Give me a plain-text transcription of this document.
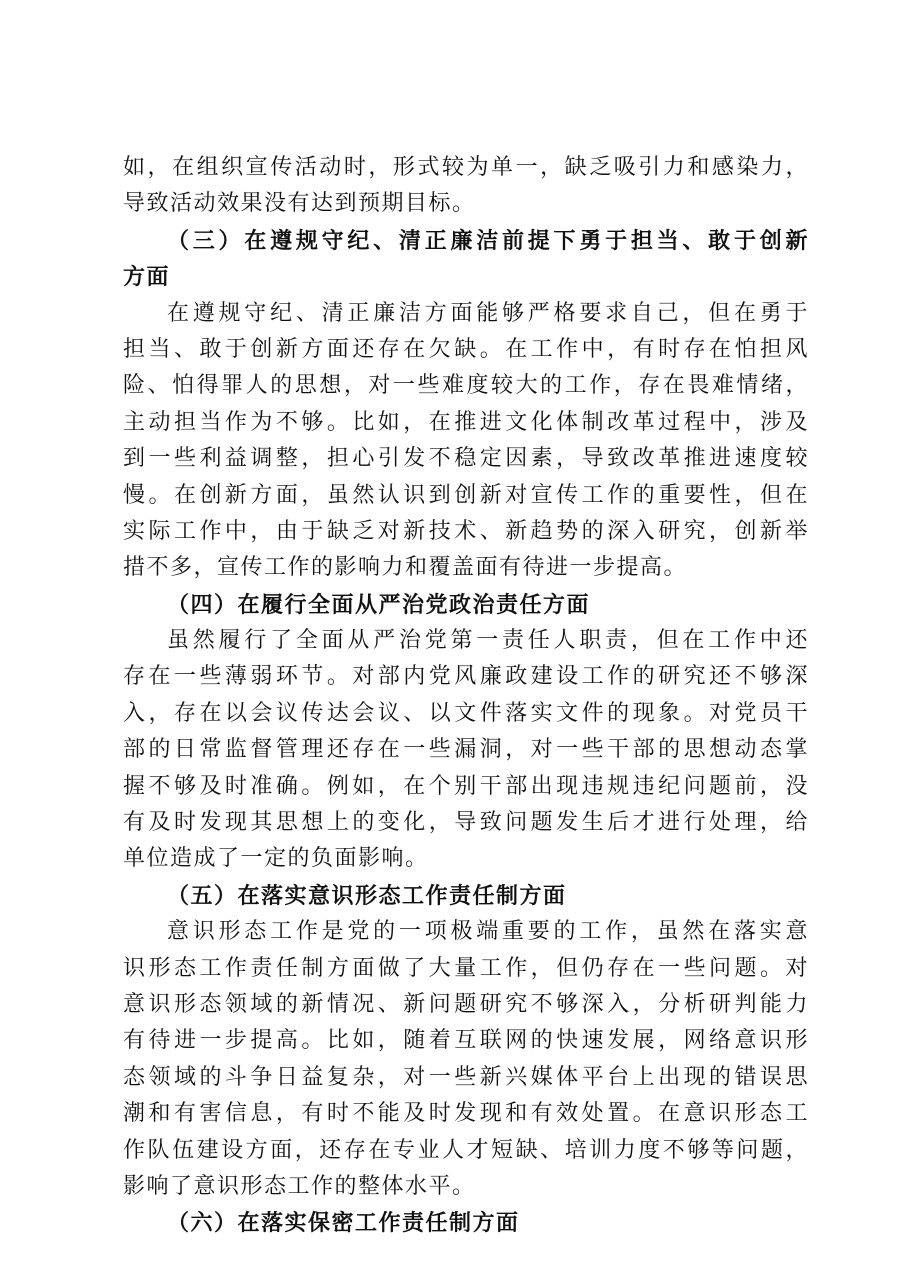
如，在组织宣传活动时，形式较为单一，缺乏吸引力和感染力，
导致活动效果没有达到预期目标。
（三）在遵规守纪、清正廉洁前提下勇于担当、敢于创新
方面
在遵规守纪、清正廉洁方面能够严格要求自己，但在勇于
担当、敢于创新方面还存在欠缺。在工作中，有时存在怕担风
险、怕得罪人的思想，对一些难度较大的工作，存在畏难情绪，
主动担当作为不够。比如，在推进文化体制改革过程中，涉及
到一些利益调整，担心引发不稳定因素，导致改革推进速度较
慢。在创新方面，虽然认识到创新对宣传工作的重要性，但在
实际工作中，由于缺乏对新技术、新趋势的深入研究，创新举
措不多，宣传工作的影响力和覆盖面有待进一步提高。
（四）在履行全面从严治党政治责任方面
虽然履行了全面从严治党第一责任人职责，但在工作中还
存在一些薄弱环节。对部内党风廉政建设工作的研究还不够深
入，存在以会议传达会议、以文件落实文件的现象。对党员干
部的日常监督管理还存在一些漏洞，对一些干部的思想动态掌
握不够及时准确。例如，在个别干部出现违规违纪问题前，没
有及时发现其思想上的变化，导致问题发生后才进行处理，给
单位造成了一定的负面影响。
（五）在落实意识形态工作责任制方面
意识形态工作是党的一项极端重要的工作，虽然在落实意
识形态工作责任制方面做了大量工作，但仍存在一些问题。对
意识形态领域的新情况、新问题研究不够深入，分析研判能力
有待进一步提高。比如，随着互联网的快速发展，网络意识形
态领域的斗争日益复杂，对一些新兴媒体平台上出现的错误思
潮和有害信息，有时不能及时发现和有效处置。在意识形态工
作队伍建设方面，还存在专业人才短缺、培训力度不够等问题，
影响了意识形态工作的整体水平。
（六）在落实保密工作责任制方面
